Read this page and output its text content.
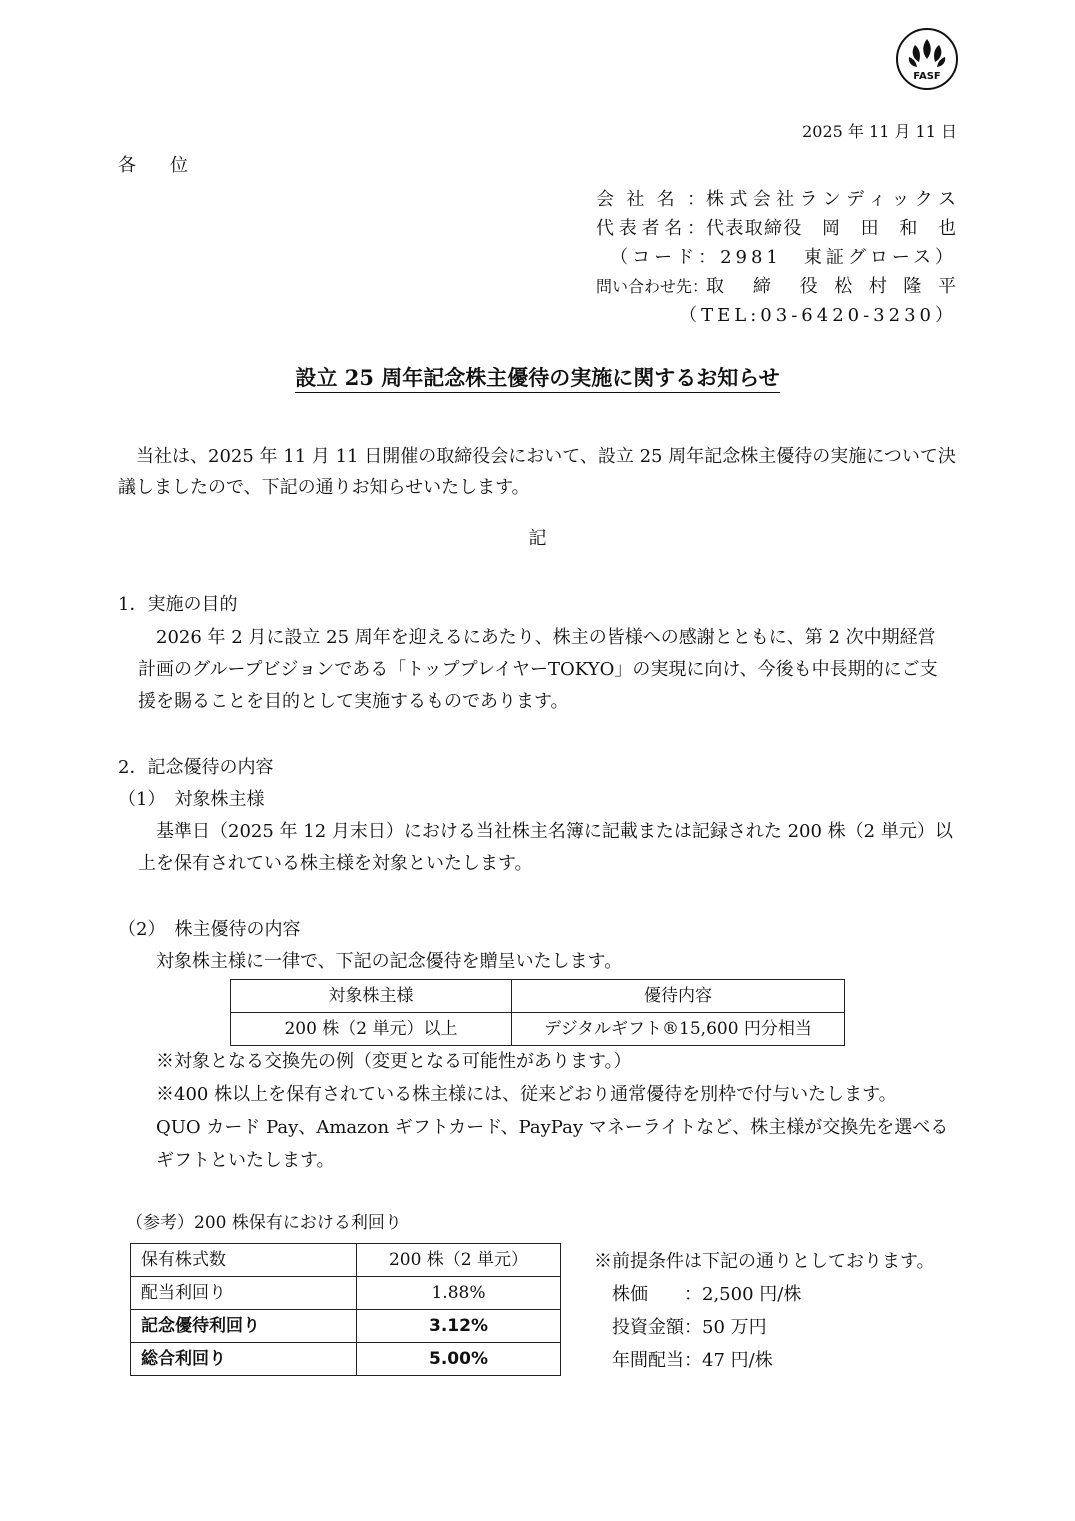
FASF
2025 年 11 月 11 日
各　位
会 社 名 ： 株式会社ランディックス
代表者名： 代表取締役　岡　田　和　也
（コード：2981　東証グロース）
問い合わせ先：
取　締　役 松 村 隆 平
（TEL:03-6420-3230）
設立 25 周年記念株主優待の実施に関するお知らせ
当社は、2025 年 11 月 11 日開催の取締役会において、設立 25 周年記念株主優待の実施について決議しましたので、下記の通りお知らせいたします。
記
1．実施の目的
2026 年 2 月に設立 25 周年を迎えるにあたり、株主の皆様への感謝とともに、第 2 次中期経営計画のグループビジョンである「トッププレイヤーTOKYO」の実現に向け、今後も中長期的にご支援を賜ることを目的として実施するものであります。
2．記念優待の内容
（1）　対象株主様
基準日（2025 年 12 月末日）における当社株主名簿に記載または記録された 200 株（2 単元）以上を保有されている株主様を対象といたします。
（2）　株主優待の内容
対象株主様に一律で、下記の記念優待を贈呈いたします。
対象株主様	優待内容
200 株（2 単元）以上	デジタルギフト®15,600 円分相当
※対象となる交換先の例（変更となる可能性があります。）
※400 株以上を保有されている株主様には、従来どおり通常優待を別枠で付与いたします。
QUO カード Pay、Amazon ギフトカード、PayPay マネーライトなど、株主様が交換先を選べるギフトといたします。
（参考）200 株保有における利回り
保有株式数	200 株（2 単元）
配当利回り	1.88%
記念優待利回り	3.12%
総合利回り	5.00%
※前提条件は下記の通りとしております。
株価　　：2,500 円/株
投資金額：50 万円
年間配当：47 円/株
